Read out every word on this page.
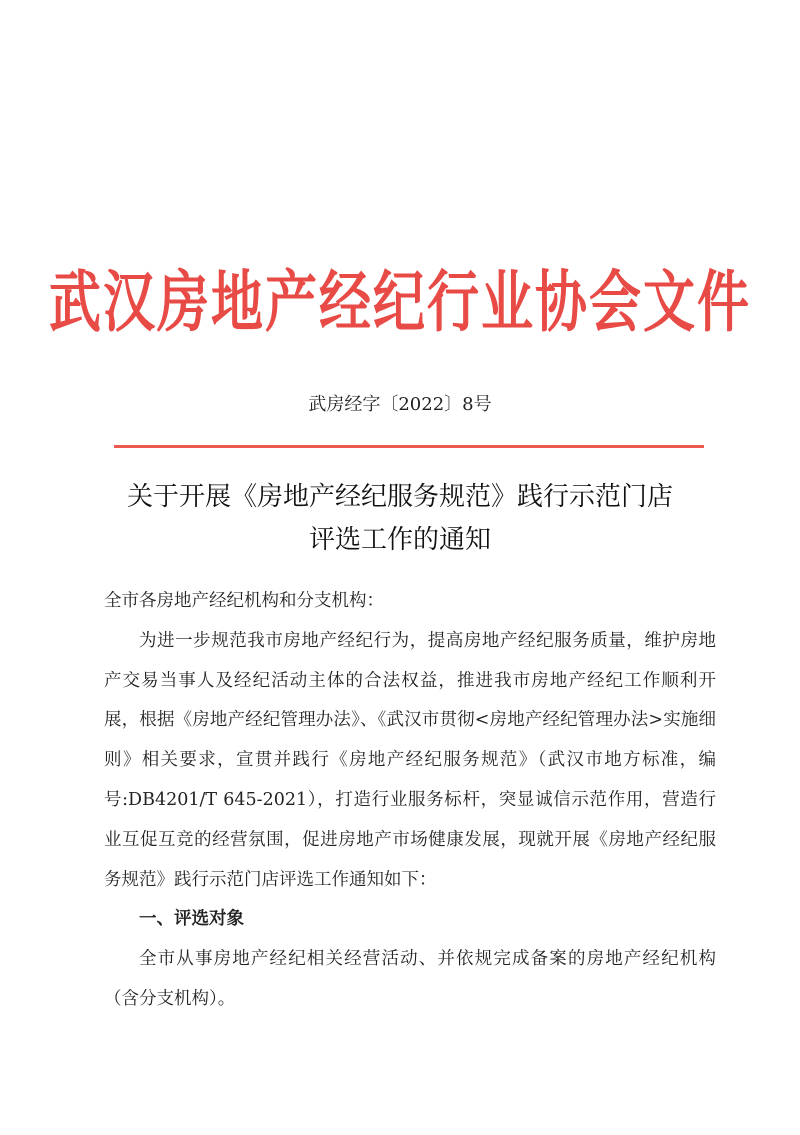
武汉房地产经纪行业协会文件
武房经字〔2022〕8号
关于开展《房地产经纪服务规范》践行示范门店
评选工作的通知

全市各房地产经纪机构和分支机构：

为进一步规范我市房地产经纪行为，提高房地产经纪服务质量，维护房地产交易当事人及经纪活动主体的合法权益，推进我市房地产经纪工作顺利开展，根据《房地产经纪管理办法》、《武汉市贯彻<房地产经纪管理办法>实施细则》相关要求，宣贯并践行《房地产经纪服务规范》（武汉市地方标准，编号:DB4201/T 645-2021），打造行业服务标杆，突显诚信示范作用，营造行业互促互竞的经营氛围，促进房地产市场健康发展，现就开展《房地产经纪服务规范》践行示范门店评选工作通知如下：

一、评选对象

全市从事房地产经纪相关经营活动、并依规完成备案的房地产经纪机构（含分支机构）。
